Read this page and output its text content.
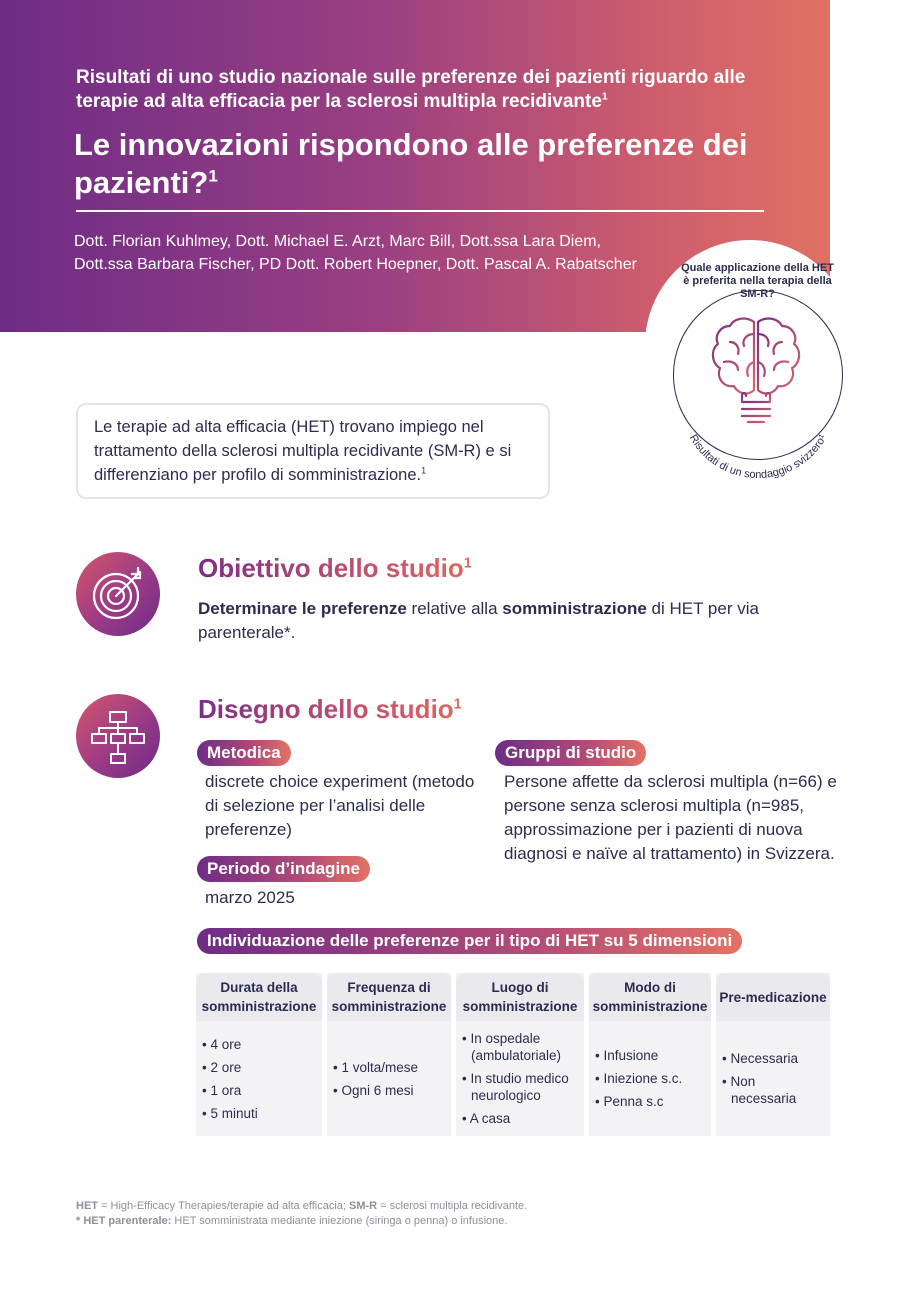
Risultati di uno studio nazionale sulle preferenze dei pazienti riguardo alle terapie ad alta efficacia per la sclerosi multipla recidivante$^1$
Le innovazioni rispondono alle preferenze dei pazienti?$^1$
Dott. Florian Kuhlmey, Dott. Michael E. Arzt, Marc Bill, Dott.ssa Lara Diem,
Dott.ssa Barbara Fischer, PD Dott. Robert Hoepner, Dott. Pascal A. Rabatscher	Quale applicazione della HET è preferita nella terapia della SM-R?
Risultati di un sondaggio svizzero¹
Le terapie ad alta efficacia (HET) trovano impiego nel trattamento della sclerosi multipla recidivante (SM-R) e si differenziano per profilo di somministrazione.$^1$
Obiettivo dello studio$^1$
Determinare le preferenze relative alla somministrazione di HET per via parenterale*.
Disegno dello studio$^1$
Metodica
discrete choice experiment (metodo di selezione per l’analisi delle preferenze)
Periodo d’indagine
marzo 2025
Gruppi di studio
Persone affette da sclerosi multipla (n=66) e persone senza sclerosi multipla (n=985, approssimazione per i pazienti di nuova diagnosi e naïve al trattamento) in Svizzera.
Individuazione delle preferenze per il tipo di HET su 5 dimensioni
Durata della somministrazione
• 4 ore
• 2 ore
• 1 ora
• 5 minuti
Frequenza di somministrazione
• 1 volta/mese
• Ogni 6 mesi
Luogo di somministrazione
• In ospedale (ambulatoriale)
• In studio medico neurologico
• A casa
Modo di somministrazione
• Infusione
• Iniezione s.c.
• Penna s.c
Pre-medicazione
• Necessaria
• Non necessaria
HET = High-Efficacy Therapies/terapie ad alta efficacia; SM-R = sclerosi multipla recidivante.
* HET parenterale: HET somministrata mediante iniezione (siringa o penna) o infusione.
